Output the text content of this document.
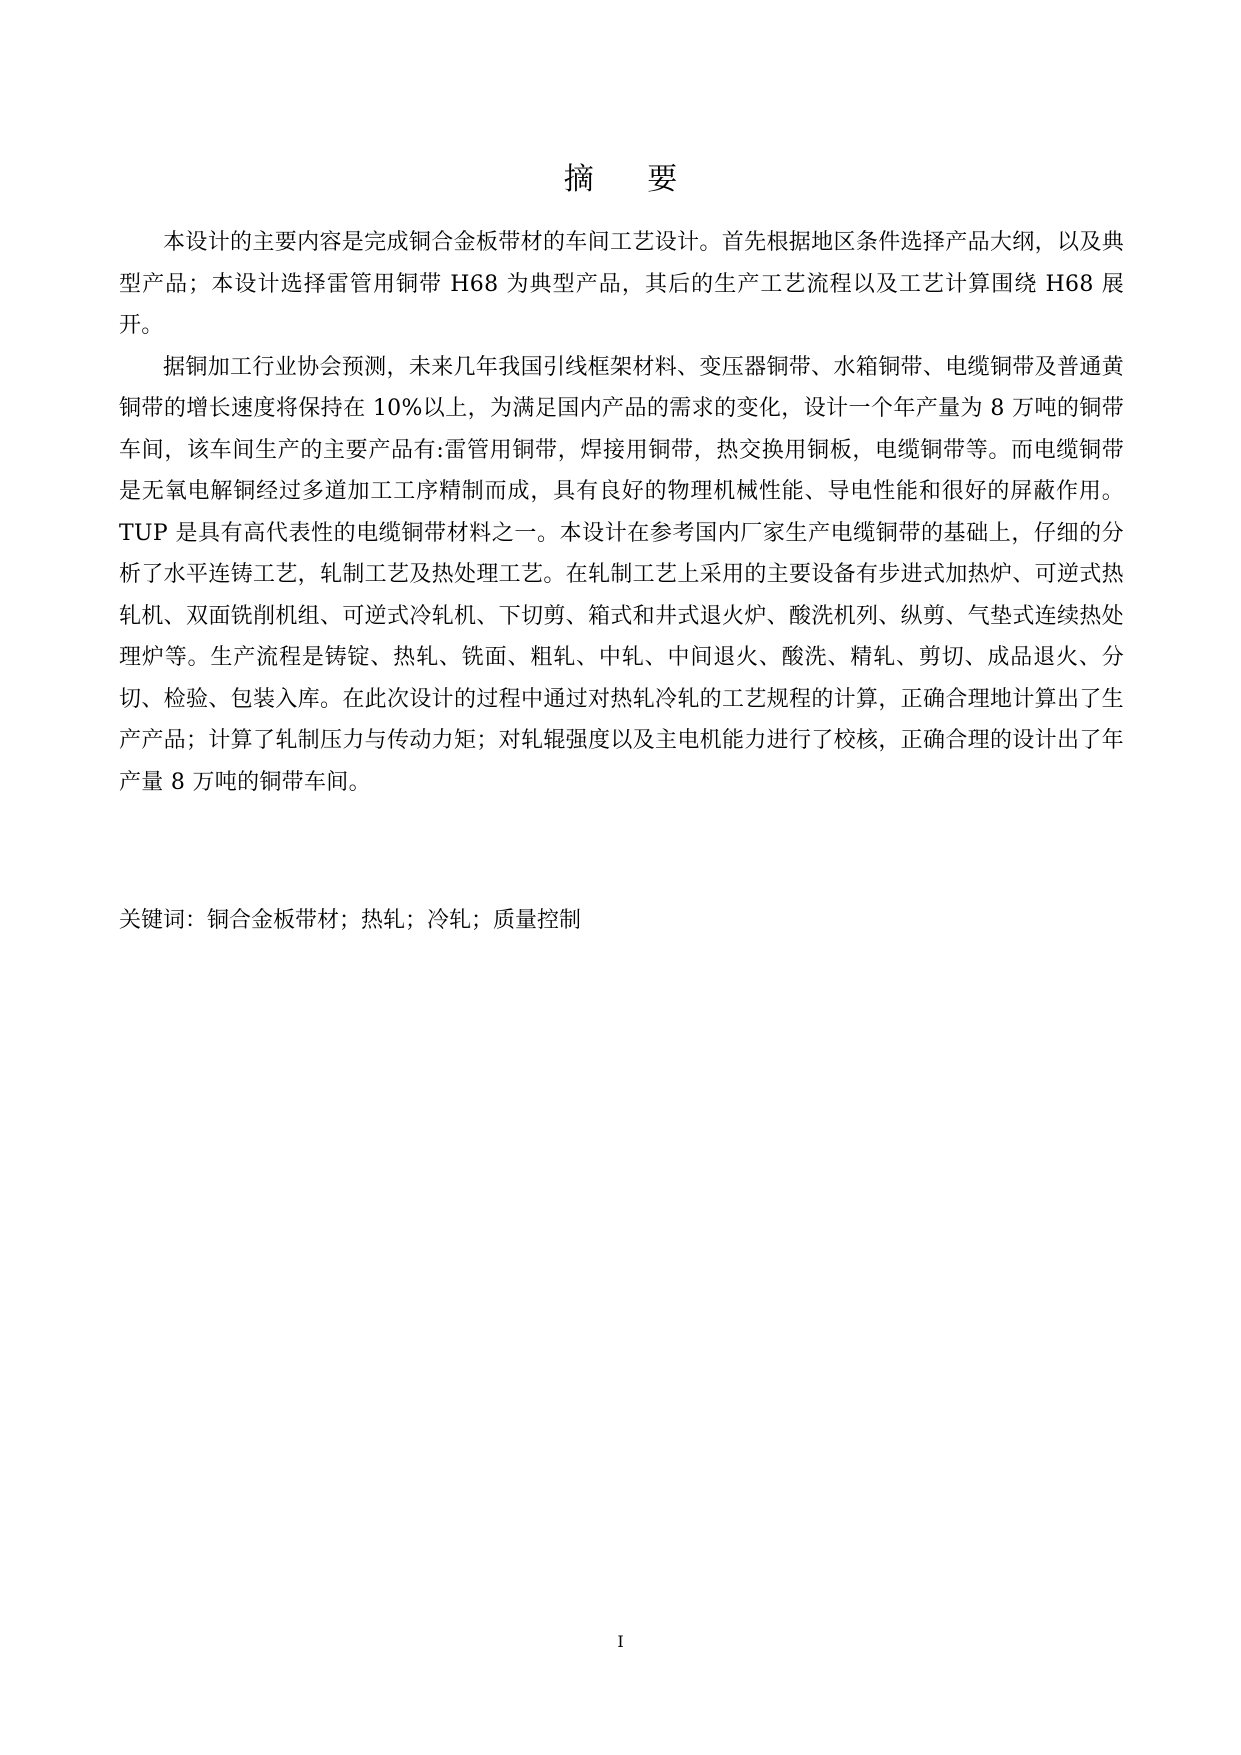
摘 要

本设计的主要内容是完成铜合金板带材的车间工艺设计。首先根据地区条件选择产品大纲，以及典型产品；本设计选择雷管用铜带 H68 为典型产品，其后的生产工艺流程以及工艺计算围绕 H68 展开。

据铜加工行业协会预测，未来几年我国引线框架材料、变压器铜带、水箱铜带、电缆铜带及普通黄铜带的增长速度将保持在 10%以上，为满足国内产品的需求的变化，设计一个年产量为 8 万吨的铜带车间，该车间生产的主要产品有:雷管用铜带，焊接用铜带，热交换用铜板，电缆铜带等。而电缆铜带是无氧电解铜经过多道加工工序精制而成，具有良好的物理机械性能、导电性能和很好的屏蔽作用。TUP 是具有高代表性的电缆铜带材料之一。本设计在参考国内厂家生产电缆铜带的基础上，仔细的分析了水平连铸工艺，轧制工艺及热处理工艺。在轧制工艺上采用的主要设备有步进式加热炉、可逆式热轧机、双面铣削机组、可逆式冷轧机、下切剪、箱式和井式退火炉、酸洗机列、纵剪、气垫式连续热处理炉等。生产流程是铸锭、热轧、铣面、粗轧、中轧、中间退火、酸洗、精轧、剪切、成品退火、分切、检验、包装入库。在此次设计的过程中通过对热轧冷轧的工艺规程的计算，正确合理地计算出了生产产品；计算了轧制压力与传动力矩；对轧辊强度以及主电机能力进行了校核，正确合理的设计出了年产量 8 万吨的铜带车间。

关键词：铜合金板带材；热轧；冷轧；质量控制
I
